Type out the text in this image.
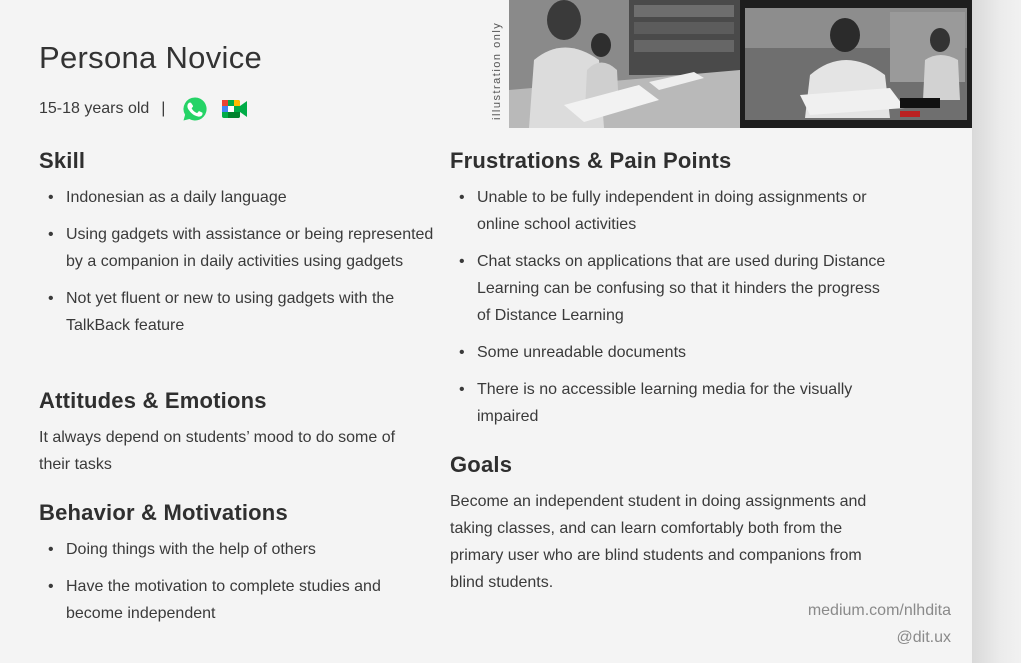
Persona Novice
15-18 years old |	illustration only
Skill
• Indonesian as a daily language
• Using gadgets with assistance or being represented by a companion in daily activities using gadgets
• Not yet fluent or new to using gadgets with the TalkBack feature
Attitudes & Emotions
It always depend on students’ mood to do some of their tasks
Behavior & Motivations
• Doing things with the help of others
• Have the motivation to complete studies and become independent
Frustrations & Pain Points
• Unable to be fully independent in doing assignments or online school activities
• Chat stacks on applications that are used during Distance Learning can be confusing so that it hinders the progress of Distance Learning
• Some unreadable documents
• There is no accessible learning media for the visually impaired
Goals
Become an independent student in doing assignments and taking classes, and can learn comfortably both from the primary user who are blind students and companions from blind students.
medium.com/nlhdita
@dit.ux
